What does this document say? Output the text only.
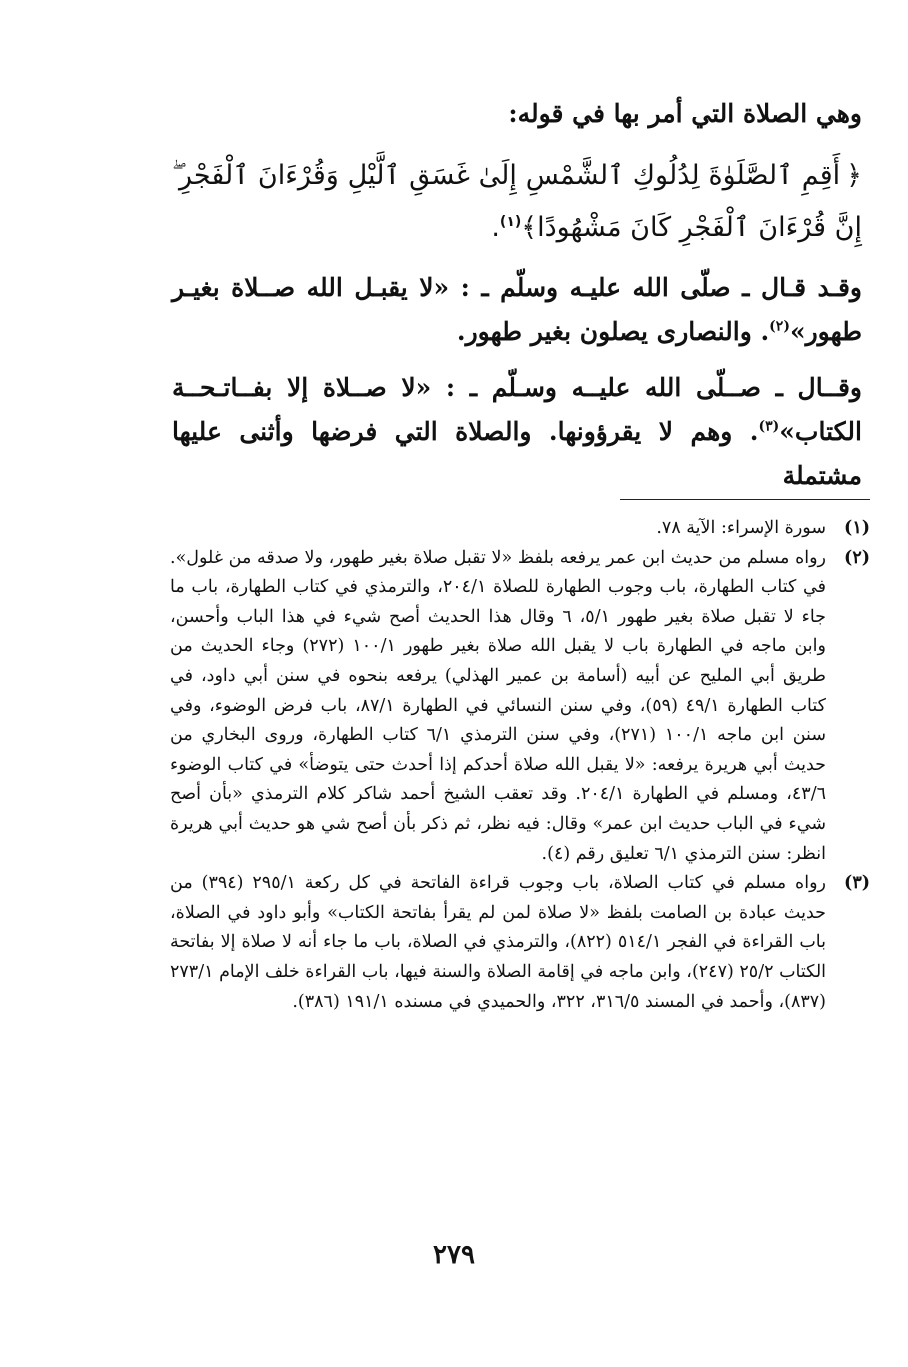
وهي الصلاة التي أمر بها في قوله:

﴿أَقِمِ ٱلصَّلَوٰةَ لِدُلُوكِ ٱلشَّمْسِ إِلَىٰ غَسَقِ ٱلَّيْلِ وَقُرْءَانَ ٱلْفَجْرِ ۖ إِنَّ قُرْءَانَ ٱلْفَجْرِ كَانَ مَشْهُودًا﴾$^{(١)}$.

وقـد قـال ـ صلّى الله عليـه وسلّم ـ : «لا يقبـل الله صــلاة بغيـر طهور»$^{(٢)}$. والنصارى يصلون بغير طهور.

وقــال ـ صــلّى الله عليــه وسـلّم ـ : «لا صــلاة إلا بفــاتـحــة الكتاب»$^{(٣)}$. وهم لا يقرؤونها. والصلاة التي فرضها وأثنى عليها مشتملة

(١)
سورة الإسراء: الآية ٧٨.
(٢)
رواه مسلم من حديث ابن عمر يرفعه بلفظ «لا تقبل صلاة بغير طهور، ولا صدقه من غلول». في كتاب الطهارة، باب وجوب الطهارة للصلاة ٢٠٤/١، والترمذي في كتاب الطهارة، باب ما جاء لا تقبل صلاة بغير طهور ٥/١، ٦ وقال هذا الحديث أصح شيء في هذا الباب وأحسن، وابن ماجه في الطهارة باب لا يقبل الله صلاة بغير طهور ١٠٠/١ (٢٧٢) وجاء الحديث من طريق أبي المليح عن أبيه (أسامة بن عمير الهذلي) يرفعه بنحوه في سنن أبي داود، في كتاب الطهارة ٤٩/١ (٥٩)، وفي سنن النسائي في الطهارة ٨٧/١، باب فرض الوضوء، وفي سنن ابن ماجه ١٠٠/١ (٢٧١)، وفي سنن الترمذي ٦/١ كتاب الطهارة، وروى البخاري من حديث أبي هريرة يرفعه: «لا يقبل الله صلاة أحدكم إذا أحدث حتى يتوضأ» في كتاب الوضوء ٤٣/٦، ومسلم في الطهارة ٢٠٤/١. وقد تعقب الشيخ أحمد شاكر كلام الترمذي «بأن أصح شيء في الباب حديث ابن عمر» وقال: فيه نظر، ثم ذكر بأن أصح شي هو حديث أبي هريرة انظر: سنن الترمذي ٦/١ تعليق رقم (٤).
(٣)
رواه مسلم في كتاب الصلاة، باب وجوب قراءة الفاتحة في كل ركعة ٢٩٥/١ (٣٩٤) من حديث عبادة بن الصامت بلفظ «لا صلاة لمن لم يقرأ بفاتحة الكتاب» وأبو داود في الصلاة، باب القراءة في الفجر ٥١٤/١ (٨٢٢)، والترمذي في الصلاة، باب ما جاء أنه لا صلاة إلا بفاتحة الكتاب ٢٥/٢ (٢٤٧)، وابن ماجه في إقامة الصلاة والسنة فيها، باب القراءة خلف الإمام ٢٧٣/١ (٨٣٧)، وأحمد في المسند ٣١٦/٥، ٣٢٢، والحميدي في مسنده ١٩١/١ (٣٨٦).
٢٧٩
